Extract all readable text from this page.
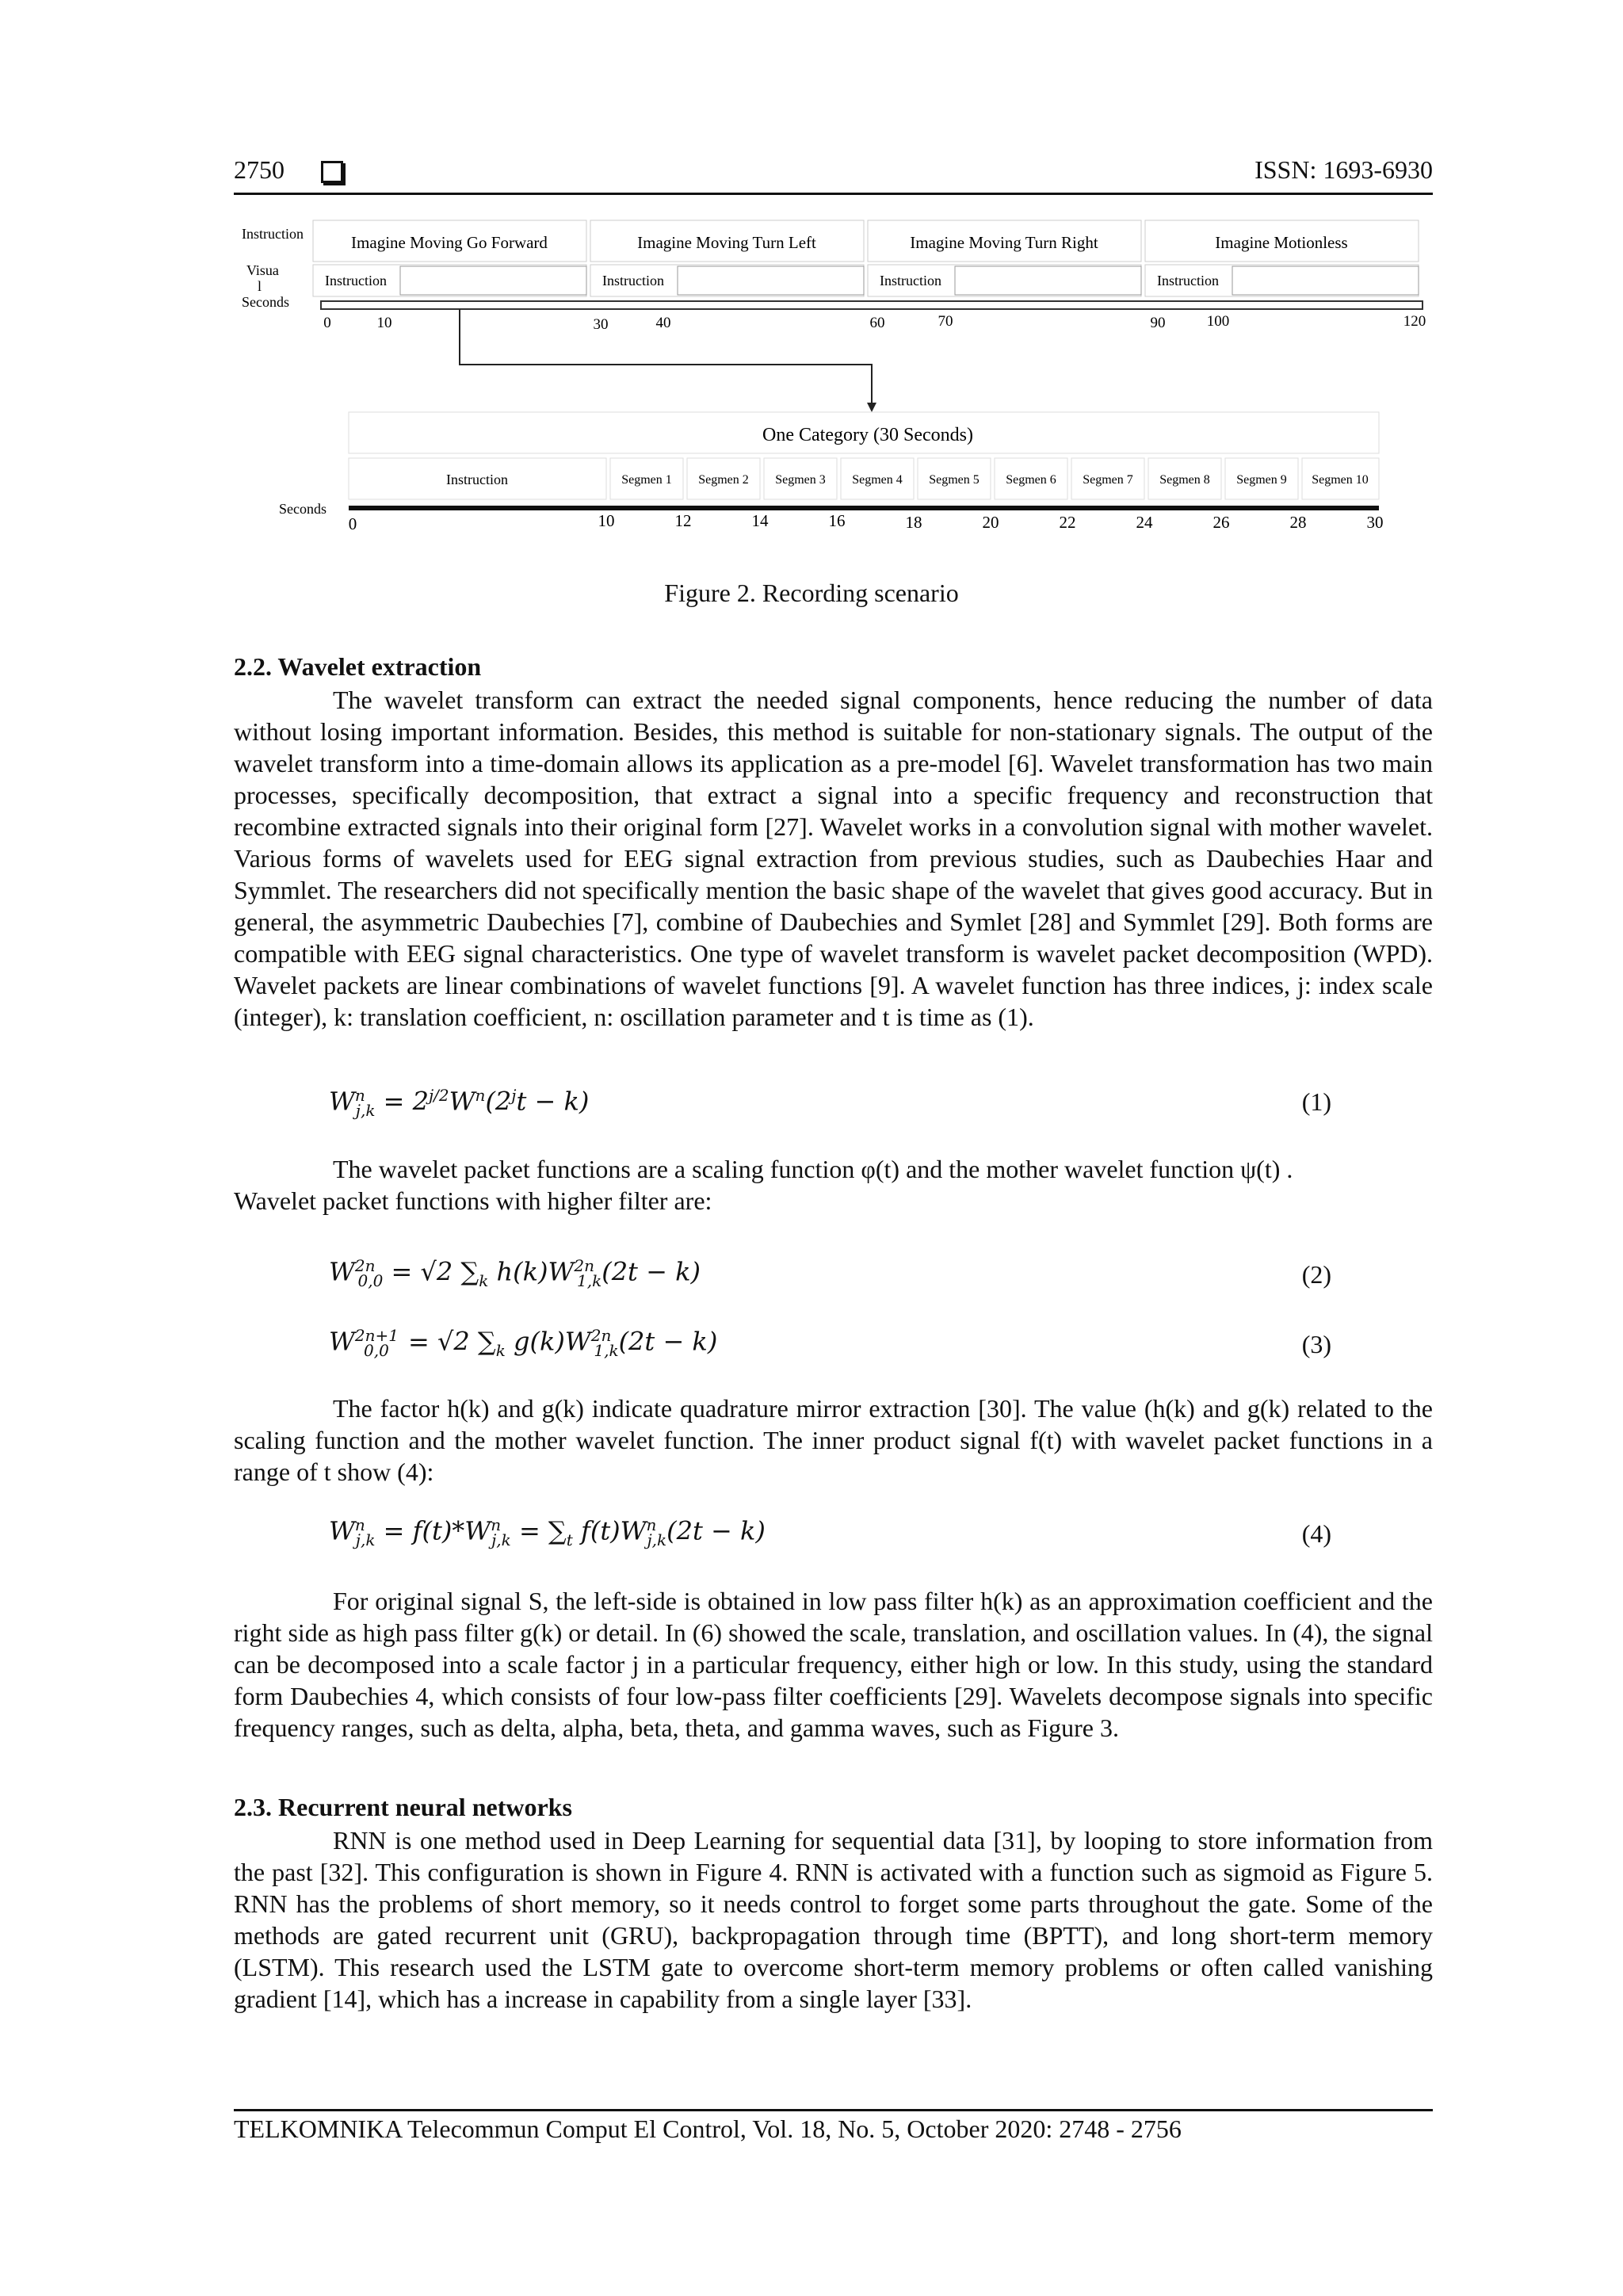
2750	ISSN: 1693-6930
Instruction
Visua
l
Seconds
Imagine Moving Go Forward	Imagine Moving Turn Left	Imagine Moving Turn Right	Imagine Motionless
Instruction	Instruction	Instruction	Instruction
0	10	30	40	60	70	90	100	120
One Category (30 Seconds)
Instruction	Segmen 1 Segmen 2 Segmen 3 Segmen 4 Segmen 5 Segmen 6 Segmen 7 Segmen 8 Segmen 9 Segmen 10
Seconds
0	10	12	14	16	18	20	22	24	26	28	30
Figure 2. Recording scenario
2.2. Wavelet extraction
The wavelet transform can extract the needed signal components, hence reducing the number of data without losing important information. Besides, this method is suitable for non-stationary signals. The output of the wavelet transform into a time-domain allows its application as a pre-model [6]. Wavelet transformation has two main processes, specifically decomposition, that extract a signal into a specific frequency and reconstruction that recombine extracted signals into their original form [27]. Wavelet works in a convolution signal with mother wavelet. Various forms of wavelets used for EEG signal extraction from previous studies, such as Daubechies Haar and Symmlet. The researchers did not specifically mention the basic shape of the wavelet that gives good accuracy. But in general, the asymmetric Daubechies [7], combine of Daubechies and Symlet [28] and Symmlet [29]. Both forms are compatible with EEG signal characteristics. One type of wavelet transform is wavelet packet decomposition (WPD). Wavelet packets are linear combinations of wavelet functions [9]. A wavelet function has three indices, j: index scale (integer), k: translation coefficient, n: oscillation parameter and t is time as (1).
$W^n_{j,k} = 2^{j/2}W^n(2^jt - k)$	(1)
The wavelet packet functions are a scaling function φ(t) and the mother wavelet function ψ(t) .
Wavelet packet functions with higher filter are:
$W^{2n}_{0,0} = √2$ $\sum_k$ $h(k)W^{2n}_{1,k}(2t - k)$	(2)
$W^{2n+1}_{0,0} = √2$ $\sum_k$ $g(k)W^{2n}_{1,k}(2t - k)$	(3)
The factor h(k) and g(k) indicate quadrature mirror extraction [30]. The value (h(k) and g(k) related to the scaling function and the mother wavelet function. The inner product signal f(t) with wavelet packet functions in a range of t show (4):
$W^n_{j,k} = f(t)*W^n_{j,k} = \sum_t$ $f(t)W^n_{j,k}(2t - k)$	(4)
For original signal S, the left-side is obtained in low pass filter h(k) as an approximation coefficient and the right side as high pass filter g(k) or detail. In (6) showed the scale, translation, and oscillation values. In (4), the signal can be decomposed into a scale factor j in a particular frequency, either high or low. In this study, using the standard form Daubechies 4, which consists of four low-pass filter coefficients [29]. Wavelets decompose signals into specific frequency ranges, such as delta, alpha, beta, theta, and gamma waves, such as Figure 3.
2.3. Recurrent neural networks
RNN is one method used in Deep Learning for sequential data [31], by looping to store information from the past [32]. This configuration is shown in Figure 4. RNN is activated with a function such as sigmoid as Figure 5. RNN has the problems of short memory, so it needs control to forget some parts throughout the gate. Some of the methods are gated recurrent unit (GRU), backpropagation through time (BPTT), and long short-term memory (LSTM). This research used the LSTM gate to overcome short-term memory problems or often called vanishing gradient [14], which has a increase in capability from a single layer [33].
TELKOMNIKA Telecommun Comput El Control, Vol. 18, No. 5, October 2020: 2748 - 2756
